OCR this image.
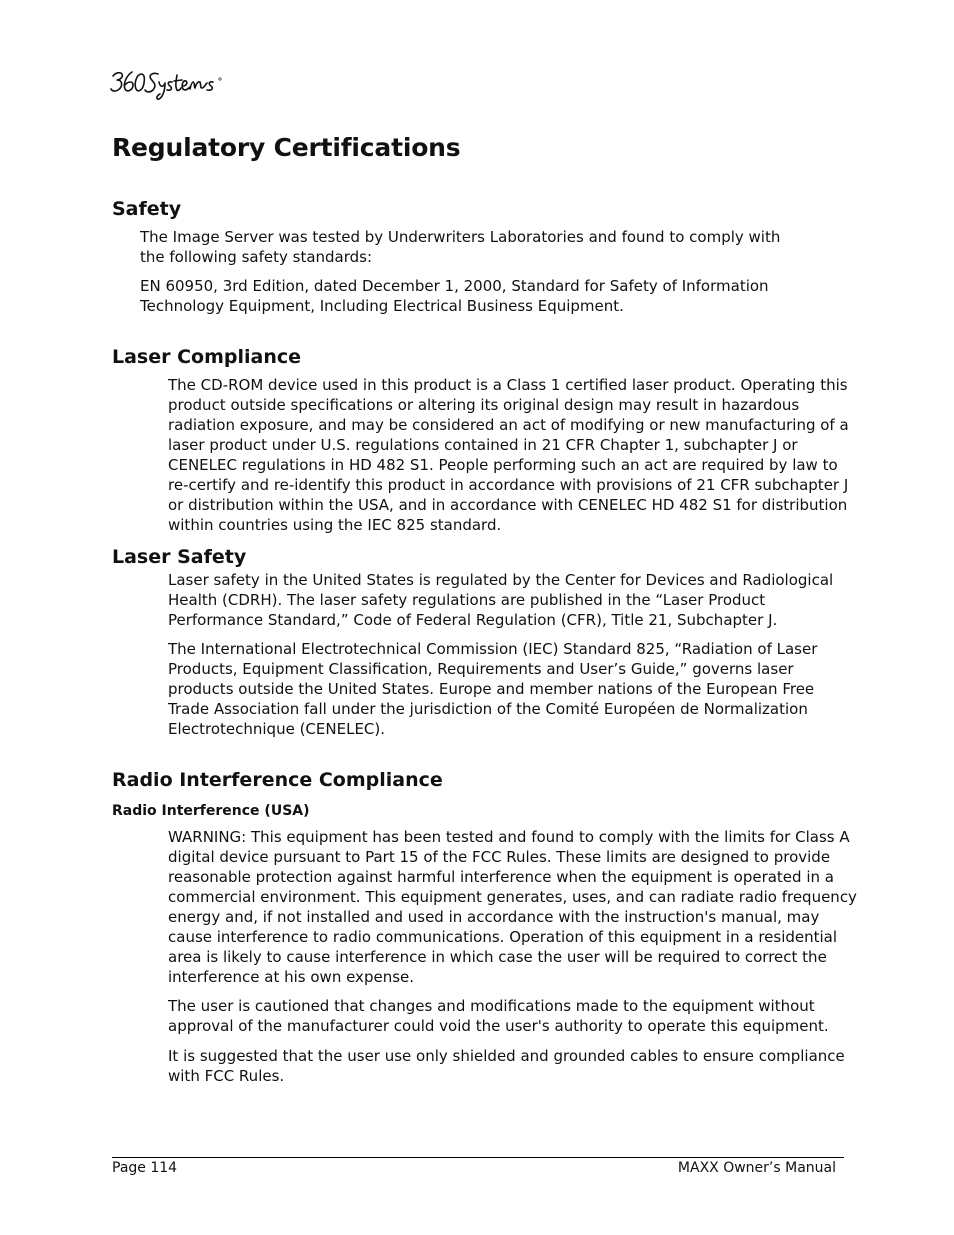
Regulatory Certifications
Safety

The Image Server was tested by Underwriters Laboratories and found to comply with the following safety standards:

EN 60950, 3rd Edition, dated December 1, 2000, Standard for Safety of Information Technology Equipment, Including Electrical Business Equipment.

Laser Compliance

The CD-ROM device used in this product is a Class 1 certified laser product. Operating this product outside specifications or altering its original design may result in hazardous radiation exposure, and may be considered an act of modifying or new manufacturing of a laser product under U.S. regulations contained in 21 CFR Chapter 1, subchapter J or CENELEC regulations in HD 482 S1. People performing such an act are required by law to re-certify and re-identify this product in accordance with provisions of 21 CFR subchapter J or distribution within the USA, and in accordance with CENELEC HD 482 S1 for distribution within countries using the IEC 825 standard.

Laser Safety

Laser safety in the United States is regulated by the Center for Devices and Radiological Health (CDRH). The laser safety regulations are published in the “Laser Product Performance Standard,” Code of Federal Regulation (CFR), Title 21, Subchapter J.

The International Electrotechnical Commission (IEC) Standard 825, “Radiation of Laser Products, Equipment Classification, Requirements and User’s Guide,” governs laser products outside the United States. Europe and member nations of the European Free Trade Association fall under the jurisdiction of the Comité Européen de Normalization Electrotechnique (CENELEC).

Radio Interference Compliance
Radio Interference (USA)

WARNING: This equipment has been tested and found to comply with the limits for Class A digital device pursuant to Part 15 of the FCC Rules. These limits are designed to provide reasonable protection against harmful interference when the equipment is operated in a commercial environment. This equipment generates, uses, and can radiate radio frequency energy and, if not installed and used in accordance with the instruction's manual, may cause interference to radio communications. Operation of this equipment in a residential area is likely to cause interference in which case the user will be required to correct the interference at his own expense.

The user is cautioned that changes and modifications made to the equipment without approval of the manufacturer could void the user's authority to operate this equipment.

It is suggested that the user use only shielded and grounded cables to ensure compliance with FCC Rules.

Page 114	MAXX Owner’s Manual
